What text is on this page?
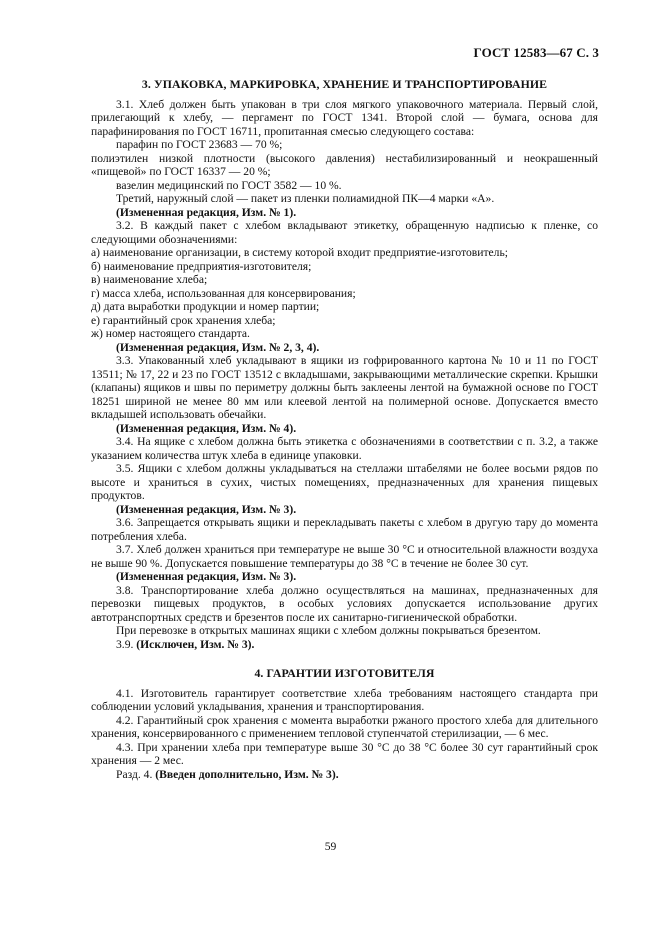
ГОСТ 12583—67 С. 3
3. УПАКОВКА, МАРКИРОВКА, ХРАНЕНИЕ И ТРАНСПОРТИРОВАНИЕ

3.1. Хлеб должен быть упакован в три слоя мягкого упаковочного материала. Первый слой, прилегающий к хлебу, — пергамент по ГОСТ 1341. Второй слой — бумага, основа для парафинирования по ГОСТ 16711, пропитанная смесью следующего состава:

парафин по ГОСТ 23683 — 70 %;

полиэтилен низкой плотности (высокого давления) нестабилизированный и неокрашенный «пищевой» по ГОСТ 16337 — 20 %;

вазелин медицинский по ГОСТ 3582 — 10 %.

Третий, наружный слой — пакет из пленки полиамидной ПК—4 марки «А».

(Измененная редакция, Изм. № 1).

3.2. В каждый пакет с хлебом вкладывают этикетку, обращенную надписью к пленке, со следующими обозначениями:

а) наименование организации, в систему которой входит предприятие-изготовитель;

б) наименование предприятия-изготовителя;

в) наименование хлеба;

г) масса хлеба, использованная для консервирования;

д) дата выработки продукции и номер партии;

е) гарантийный срок хранения хлеба;

ж) номер настоящего стандарта.

(Измененная редакция, Изм. № 2, 3, 4).

3.3. Упакованный хлеб укладывают в ящики из гофрированного картона № 10 и 11 по ГОСТ 13511; № 17, 22 и 23 по ГОСТ 13512 с вкладышами, закрывающими металлические скрепки. Крышки (клапаны) ящиков и швы по периметру должны быть заклеены лентой на бумажной основе по ГОСТ 18251 шириной не менее 80 мм или клеевой лентой на полимерной основе. Допускается вместо вкладышей использовать обечайки.

(Измененная редакция, Изм. № 4).

3.4. На ящике с хлебом должна быть этикетка с обозначениями в соответствии с п. 3.2, а также указанием количества штук хлеба в единице упаковки.

3.5. Ящики с хлебом должны укладываться на стеллажи штабелями не более восьми рядов по высоте и храниться в сухих, чистых помещениях, предназначенных для хранения пищевых продуктов.

(Измененная редакция, Изм. № 3).

3.6. Запрещается открывать ящики и перекладывать пакеты с хлебом в другую тару до момента потребления хлеба.

3.7. Хлеб должен храниться при температуре не выше 30 °С и относительной влажности воздуха не выше 90 %. Допускается повышение температуры до 38 °С в течение не более 30 сут.

(Измененная редакция, Изм. № 3).

3.8. Транспортирование хлеба должно осуществляться на машинах, предназначенных для перевозки пищевых продуктов, в особых условиях допускается использование других автотранспортных средств и брезентов после их санитарно-гигиенической обработки.

При перевозке в открытых машинах ящики с хлебом должны покрываться брезентом.

3.9. (Исключен, Изм. № 3).

4. ГАРАНТИИ ИЗГОТОВИТЕЛЯ

4.1. Изготовитель гарантирует соответствие хлеба требованиям настоящего стандарта при соблюдении условий укладывания, хранения и транспортирования.

4.2. Гарантийный срок хранения с момента выработки ржаного простого хлеба для длительного хранения, консервированного с применением тепловой ступенчатой стерилизации, — 6 мес.

4.3. При хранении хлеба при температуре выше 30 °С до 38 °С более 30 сут гарантийный срок хранения — 2 мес.

Разд. 4. (Введен дополнительно, Изм. № 3).

59
